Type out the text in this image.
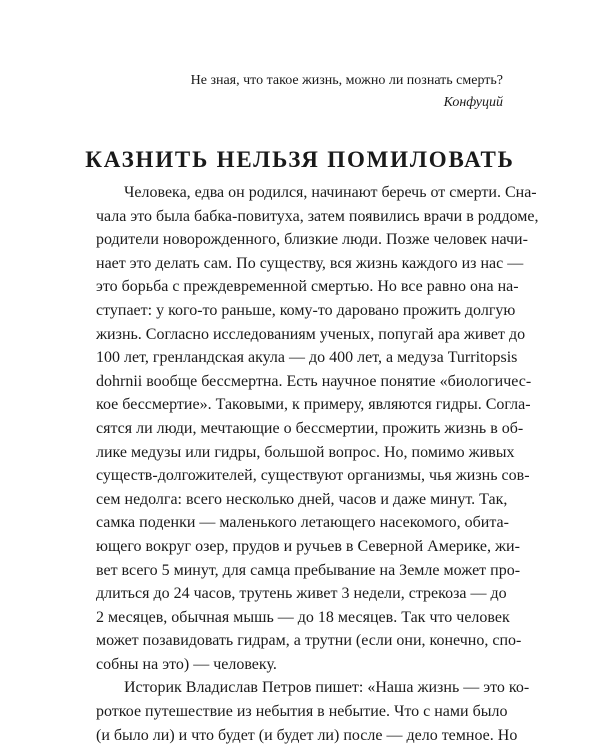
Не зная, что такое жизнь, можно ли познать смерть?
Конфуций
КАЗНИТЬ НЕЛЬЗЯ ПОМИЛОВАТЬ
Человека, едва он родился, начинают беречь от смерти. Сна-
чала это была бабка-повитуха, затем появились врачи в роддоме,
родители новорожденного, близкие люди. Позже человек начи-
нает это делать сам. По существу, вся жизнь каждого из нас —
это борьба с преждевременной смертью. Но все равно она на-
ступает: у кого-то раньше, кому-то даровано прожить долгую
жизнь. Согласно исследованиям ученых, попугай ара живет до
100 лет, гренландская акула — до 400 лет, а медуза Turritopsis
dohrnii вообще бессмертна. Есть научное понятие «биологичес-
кое бессмертие». Таковыми, к примеру, являются гидры. Согла-
сятся ли люди, мечтающие о бессмертии, прожить жизнь в об-
лике медузы или гидры, большой вопрос. Но, помимо живых
существ-долгожителей, существуют организмы, чья жизнь сов-
сем недолга: всего несколько дней, часов и даже минут. Так,
самка поденки — маленького летающего насекомого, обита-
ющего вокруг озер, прудов и ручьев в Северной Америке, жи-
вет всего 5 минут, для самца пребывание на Земле может про-
длиться до 24 часов, трутень живет 3 недели, стрекоза — до
2 месяцев, обычная мышь — до 18 месяцев. Так что человек
может позавидовать гидрам, а трутни (если они, конечно, спо-
собны на это) — человеку.
Историк Владислав Петров пишет: «Наша жизнь — это ко-
роткое путешествие из небытия в небытие. Что с нами было
(и было ли) и что будет (и будет ли) после — дело темное. Но
